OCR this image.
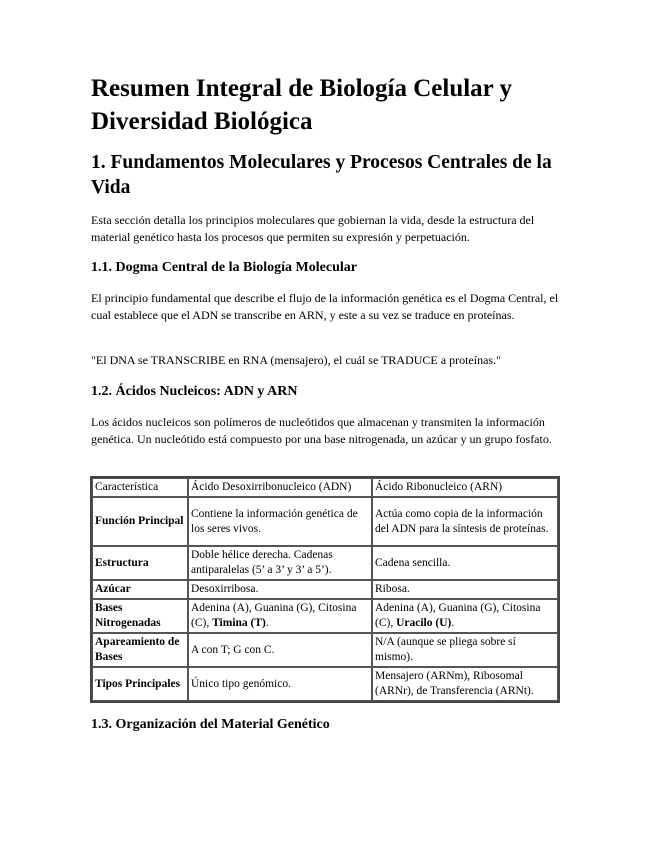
Resumen Integral de Biología Celular y Diversidad Biológica
1. Fundamentos Moleculares y Procesos Centrales de la Vida

Esta sección detalla los principios moleculares que gobiernan la vida, desde la estructura del material genético hasta los procesos que permiten su expresión y perpetuación.

1.1. Dogma Central de la Biología Molecular

El principio fundamental que describe el flujo de la información genética es el Dogma Central, el cual establece que el ADN se transcribe en ARN, y este a su vez se traduce en proteínas.

"El DNA se TRANSCRIBE en RNA (mensajero), el cuál se TRADUCE a proteínas."

1.2. Ácidos Nucleicos: ADN y ARN

Los ácidos nucleicos son polímeros de nucleótidos que almacenan y transmiten la información genética. Un nucleótido está compuesto por una base nitrogenada, un azúcar y un grupo fosfato.

Característica	Ácido Desoxirribonucleico (ADN)	Ácido Ribonucleico (ARN)
Función Principal	Contiene la información genética de los seres vivos.	Actúa como copia de la información del ADN para la síntesis de proteínas.
Estructura	Doble hélice derecha. Cadenas antiparalelas (5’ a 3’ y 3’ a 5’).	Cadena sencilla.
Azúcar	Desoxirribosa.	Ribosa.
Bases Nitrogenadas	Adenina (A), Guanina (G), Citosina (C), Timina (T).	Adenina (A), Guanina (G), Citosina (C), Uracilo (U).
Apareamiento de Bases	A con T; G con C.	N/A (aunque se pliega sobre sí mismo).
Tipos Principales	Único tipo genómico.	Mensajero (ARNm), Ribosomal (ARNr), de Transferencia (ARNt).
1.3. Organización del Material Genético
